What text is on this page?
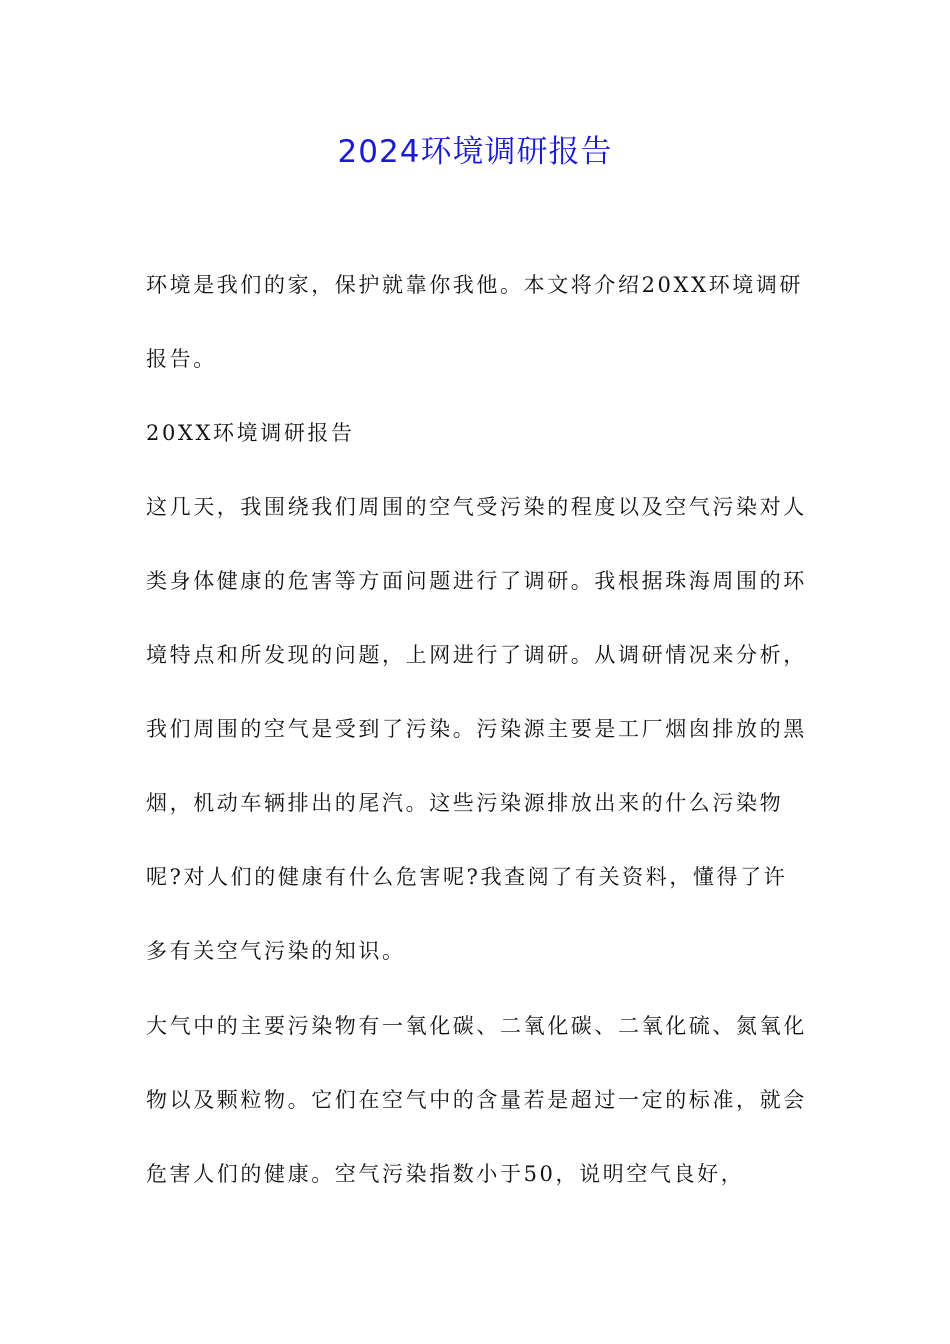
2024环境调研报告

环境是我们的家，保护就靠你我他。本文将介绍20XX环境调研报告。

20XX环境调研报告

这几天，我围绕我们周围的空气受污染的程度以及空气污染对人类身体健康的危害等方面问题进行了调研。我根据珠海周围的环境特点和所发现的问题，上网进行了调研。从调研情况来分析，我们周围的空气是受到了污染。污染源主要是工厂烟囱排放的黑烟，机动车辆排出的尾汽。这些污染源排放出来的什么污染物呢?对人们的健康有什么危害呢?我查阅了有关资料，懂得了许多有关空气污染的知识。

大气中的主要污染物有一氧化碳、二氧化碳、二氧化硫、氮氧化物以及颗粒物。它们在空气中的含量若是超过一定的标准，就会危害人们的健康。空气污染指数小于50，说明空气良好，
